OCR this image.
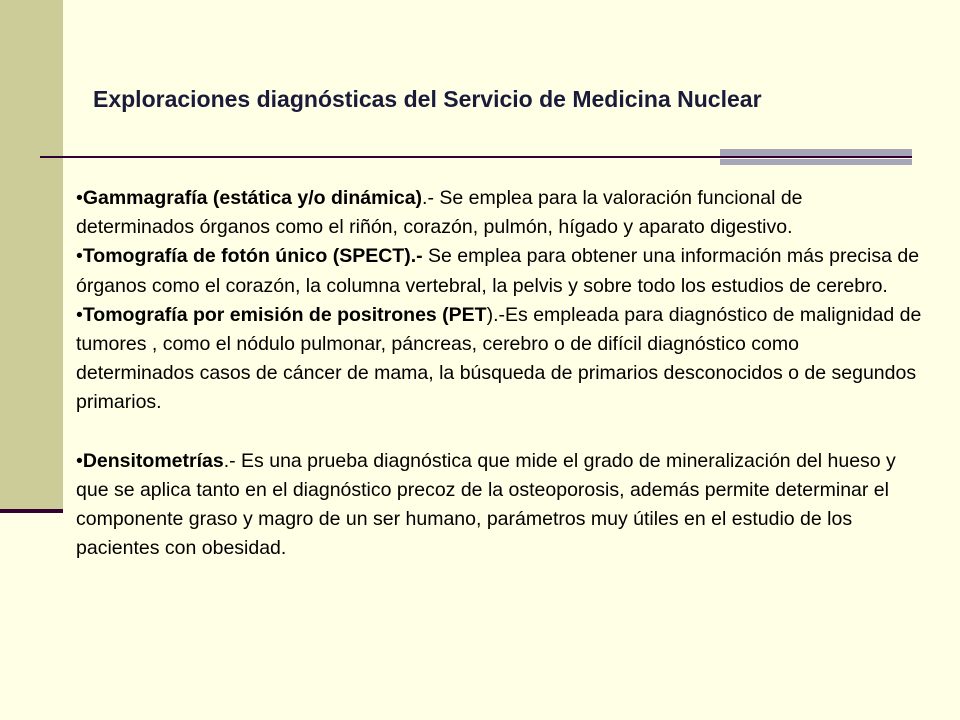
Exploraciones diagnósticas del Servicio de Medicina Nuclear

•Gammagrafía (estática y/o dinámica).- Se emplea para la valoración funcional de determinados órganos como el riñón, corazón, pulmón, hígado y aparato digestivo.

•Tomografía de fotón único (SPECT).- Se emplea para obtener una información más precisa de órganos como el corazón, la columna vertebral, la pelvis y sobre todo los estudios de cerebro.

•Tomografía por emisión de positrones (PET).-Es empleada para diagnóstico de malignidad de tumores , como el nódulo pulmonar, páncreas, cerebro o de difícil diagnóstico como determinados casos de cáncer de mama, la búsqueda de primarios desconocidos o de segundos primarios.

•Densitometrías.- Es una prueba diagnóstica que mide el grado de mineralización del hueso y que se aplica tanto en el diagnóstico precoz de la osteoporosis, además permite determinar el componente graso y magro de un ser humano, parámetros muy útiles en el estudio de los pacientes con obesidad.
